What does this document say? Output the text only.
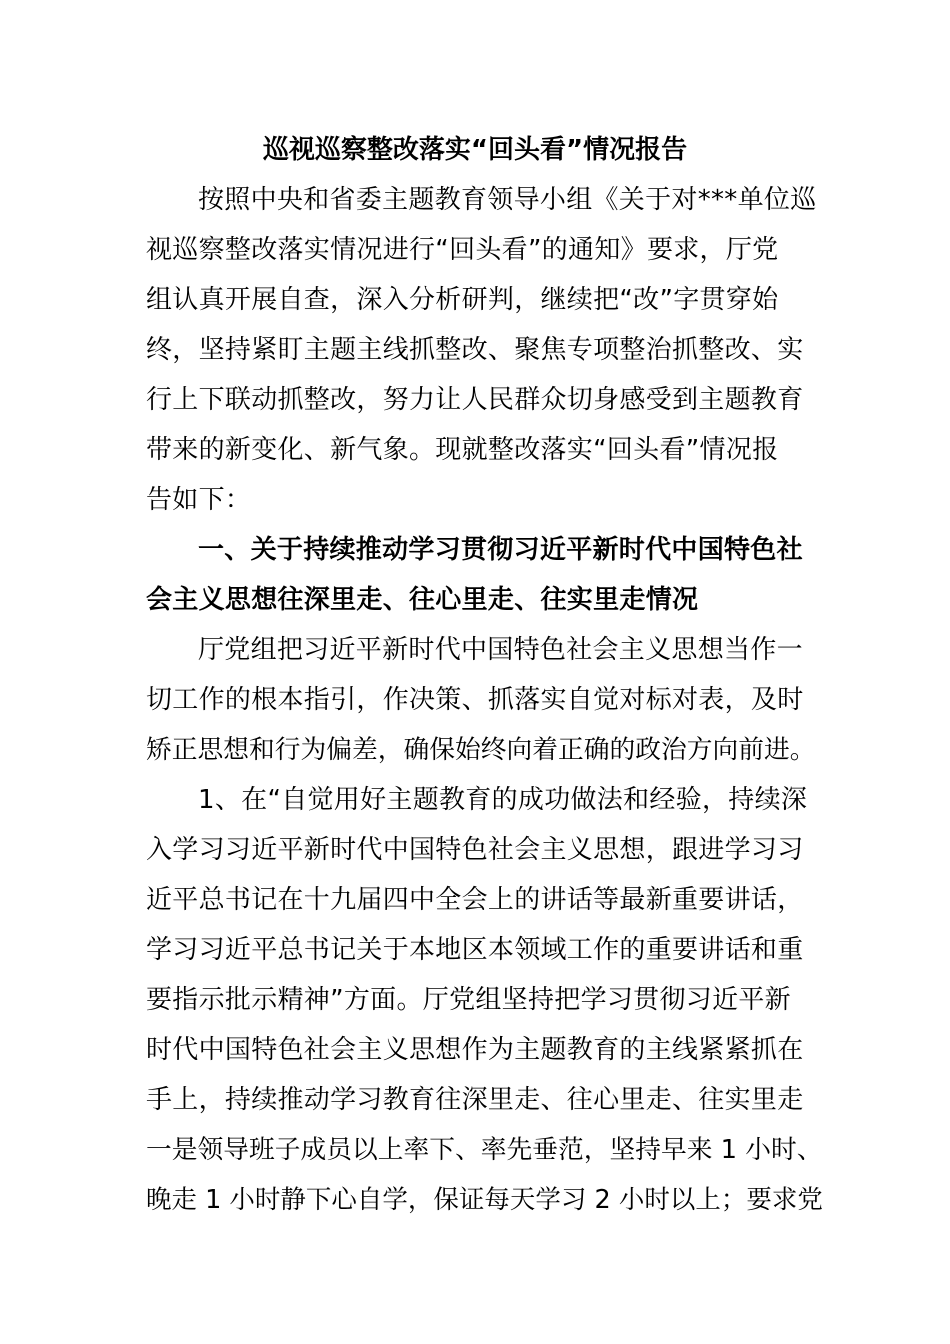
巡视巡察整改落实“回头看”情况报告

按照中央和省委主题教育领导小组《关于对***单位巡

视巡察整改落实情况进行“回头看”的通知》要求，厅党

组认真开展自查，深入分析研判，继续把“改”字贯穿始

终，坚持紧盯主题主线抓整改、聚焦专项整治抓整改、实

行上下联动抓整改，努力让人民群众切身感受到主题教育

带来的新变化、新气象。现就整改落实“回头看”情况报

告如下：

一、关于持续推动学习贯彻习近平新时代中国特色社

会主义思想往深里走、往心里走、往实里走情况

厅党组把习近平新时代中国特色社会主义思想当作一

切工作的根本指引，作决策、抓落实自觉对标对表，及时

矫正思想和行为偏差，确保始终向着正确的政治方向前进。

1、在“自觉用好主题教育的成功做法和经验，持续深

入学习习近平新时代中国特色社会主义思想，跟进学习习

近平总书记在十九届四中全会上的讲话等最新重要讲话，

学习习近平总书记关于本地区本领域工作的重要讲话和重

要指示批示精神”方面。厅党组坚持把学习贯彻习近平新

时代中国特色社会主义思想作为主题教育的主线紧紧抓在

手上，持续推动学习教育往深里走、往心里走、往实里走

一是领导班子成员以上率下、率先垂范，坚持早来 1 小时、

晚走 1 小时静下心自学，保证每天学习 2 小时以上；要求党
